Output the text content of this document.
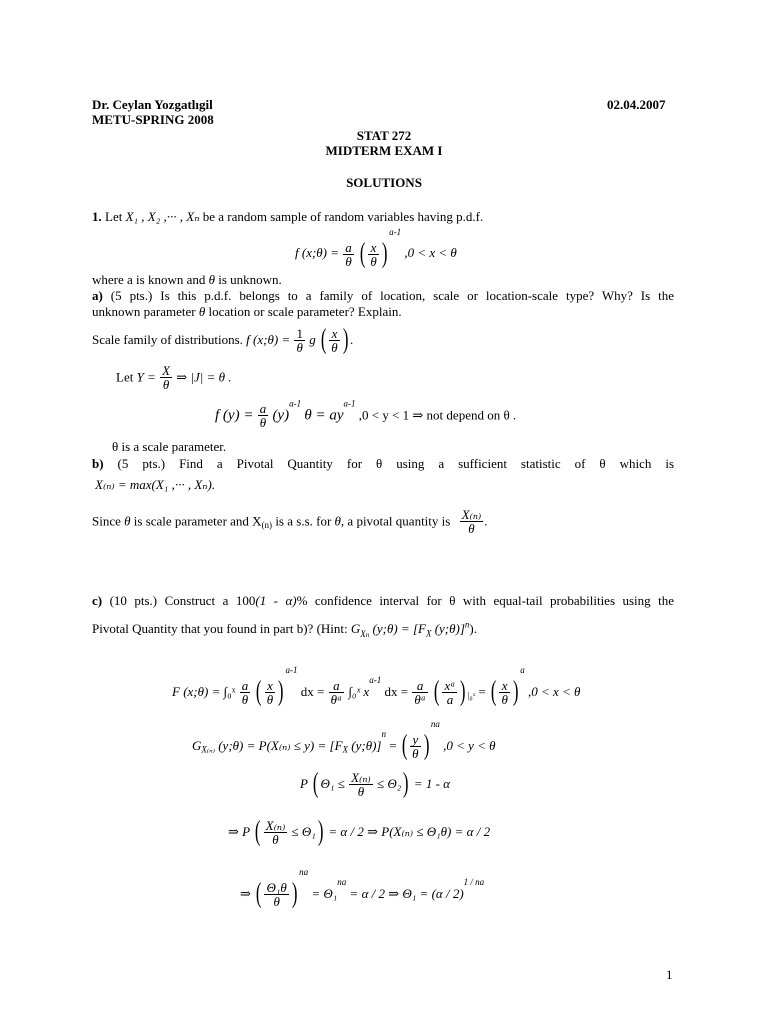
Dr. Ceylan Yozgatlıgil	02.04.2007
METU-SPRING 2008
STAT 272
MIDTERM EXAM I
SOLUTIONS
1. Let X₁ , X₂ ,··· , Xₙ be a random sample of random variables having p.d.f.
f (x;θ) = $\frac{a}{\theta}$ ( $\frac{x}{\theta} )^{a-1}$ ,0 < x < θ
where a is known and θ is unknown.
a) (5 pts.) Is this p.d.f. belongs to a family of location, scale or location-scale type? Why? Is the
unknown parameter θ location or scale parameter? Explain.
Scale family of distributions. f (x;θ) = $\frac{1}{\theta}$ g ( $\frac{x}{\theta}$ ) .
Let $Y = \frac{X}{\theta}$ ⇒ |J| = θ .
f $(y) = \frac{a}{\theta} (y)^{a-1}$ $\theta = ay^{a-1}$ ,0 < y < 1 ⇒ not depend on θ .
θ is a scale parameter.
b) (5 pts.) Find a Pivotal Quantity for θ using a sufficient statistic of θ which is
X₍ₙ₎ = max(X₁ ,··· , Xₙ).
Since θ is scale parameter and $X_{(n)}$ is a s.s. for θ, a pivotal quantity is $\frac{\text{X₍ₙ₎}}{\theta}$ .
c) (10 pts.) Construct a 100(1 - α)% confidence interval for θ with equal-tail probabilities using the
Pivotal Quantity that you found in part b)? (Hint: $G_{Xn}$ (y;θ) = [$F_X$ (y;θ)]$^n$).
F (x;θ) = ∫₀ˣ $\frac{a}{\theta}$ ( $\frac{x}{\theta} )^{a-1}$ dx = $\frac{a}{\text{θᵃ}}$ ∫₀ˣ $x^{a-1}$ dx = $\frac{a}{\text{θᵃ}}$ ( $\frac{\text{xᵃ}}{a}$ ) $_{|_0ˣ}$ = ( $\frac{x}{\theta} )^a$ ,0 < x < θ
$G_{X_{(n)}}$ (y;θ) = $P(X_{(n)} \le y) = [F_X$ (y;θ)]$^n$ = ( $\frac{y}{\theta} )^{na}$ ,0 < y < θ
P ( $\Theta_1 \le \frac{\text{X₍ₙ₎}}{\theta} \le \Theta_2) = 1 - \alpha$
⇒ P ( $\frac{\text{X₍ₙ₎}}{\theta} \le \Theta_1) = \alpha / 2$ ⇒ P(X₍ₙ₎ ≤ Θ₁θ) = α / 2
⇒ ( $\frac{\text{Θ₁θ}}{\theta} )^{na} = \Theta_1^{na} = \alpha / 2$ ⇒ Θ₁ = (α / 2)$^{1 / na}$
1
